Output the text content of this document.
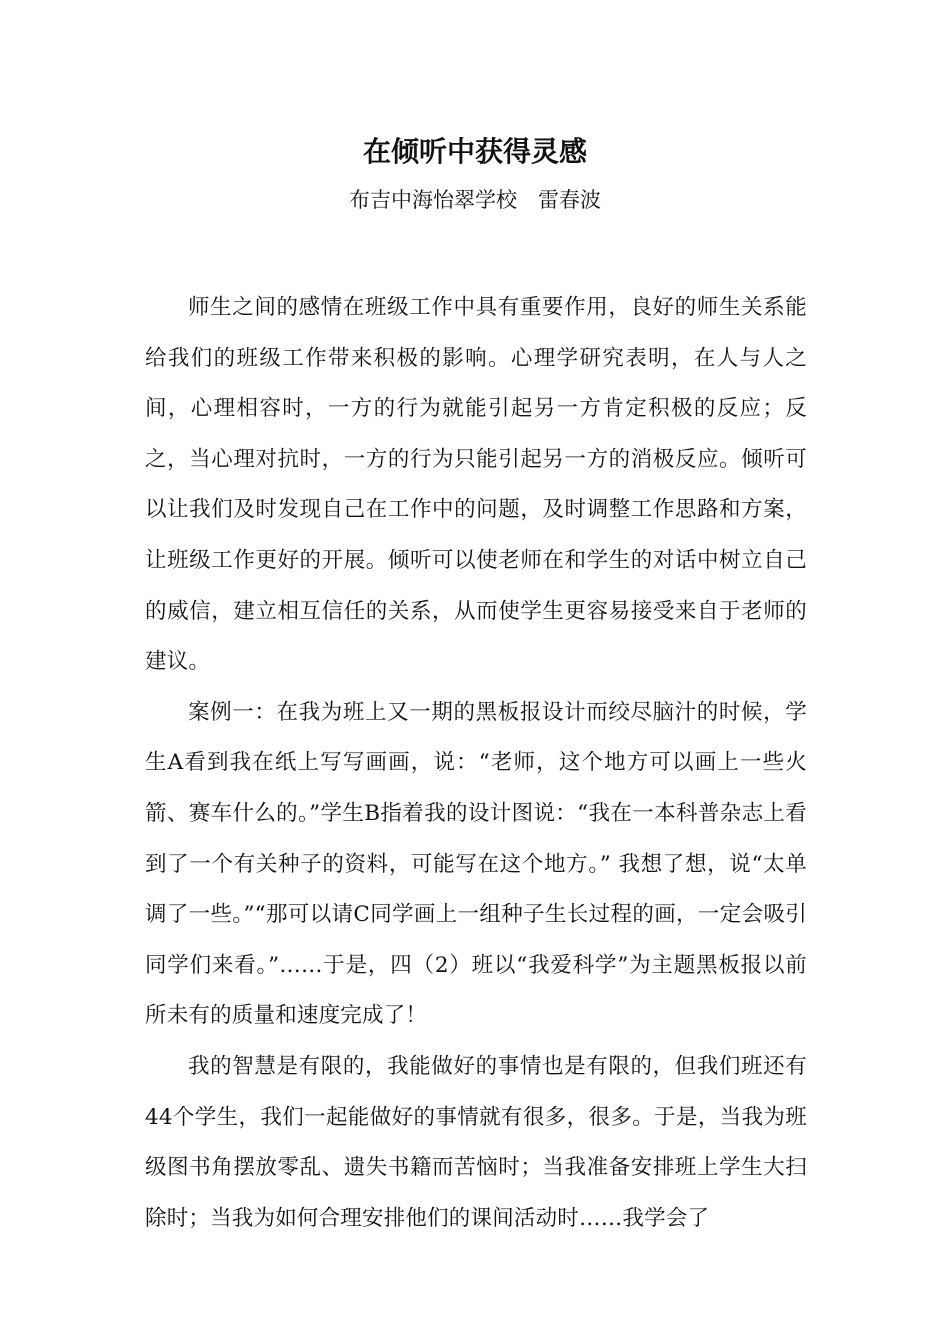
在倾听中获得灵感

布吉中海怡翠学校　雷春波

师生之间的感情在班级工作中具有重要作用，良好的师生关系能给我们的班级工作带来积极的影响。心理学研究表明，在人与人之间，心理相容时，一方的行为就能引起另一方肯定积极的反应；反之，当心理对抗时，一方的行为只能引起另一方的消极反应。倾听可以让我们及时发现自己在工作中的问题，及时调整工作思路和方案，让班级工作更好的开展。倾听可以使老师在和学生的对话中树立自己的威信，建立相互信任的关系，从而使学生更容易接受来自于老师的建议。

案例一：在我为班上又一期的黑板报设计而绞尽脑汁的时候，学生A看到我在纸上写写画画，说：“老师，这个地方可以画上一些火箭、赛车什么的。”学生B指着我的设计图说：“我在一本科普杂志上看到了一个有关种子的资料，可能写在这个地方。” 我想了想，说“太单调了一些。”“那可以请C同学画上一组种子生长过程的画，一定会吸引同学们来看。”……于是，四（2）班以“我爱科学”为主题黑板报以前所未有的质量和速度完成了！

我的智慧是有限的，我能做好的事情也是有限的，但我们班还有44个学生，我们一起能做好的事情就有很多，很多。于是，当我为班级图书角摆放零乱、遗失书籍而苦恼时；当我准备安排班上学生大扫除时；当我为如何合理安排他们的课间活动时……我学会了
